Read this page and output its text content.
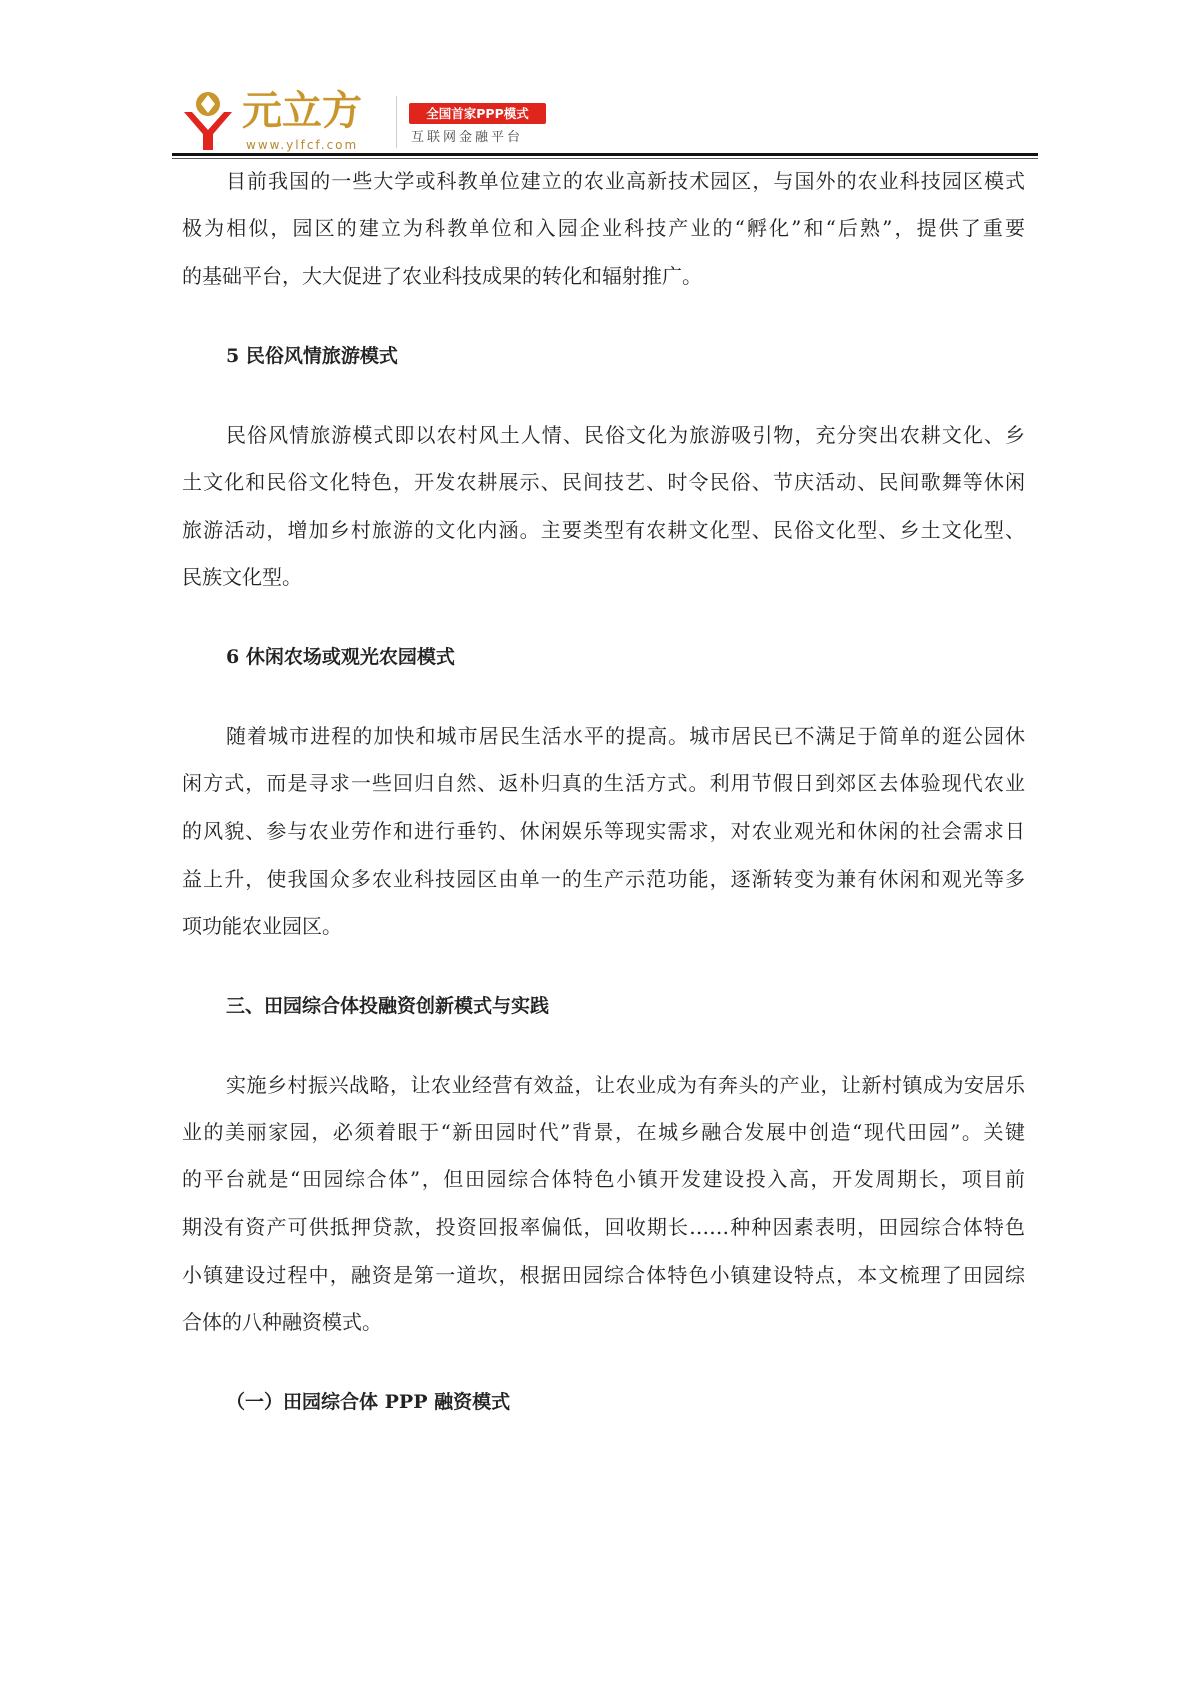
元立方
www.ylfcf.com
全国首家PPP模式
互联网金融平台
目前我国的一些大学或科教单位建立的农业高新技术园区，与国外的农业科技园区模式
极为相似，园区的建立为科教单位和入园企业科技产业的“孵化”和“后熟”，提供了重要
的基础平台，大大促进了农业科技成果的转化和辐射推广。
5 民俗风情旅游模式
民俗风情旅游模式即以农村风土人情、民俗文化为旅游吸引物，充分突出农耕文化、乡
土文化和民俗文化特色，开发农耕展示、民间技艺、时令民俗、节庆活动、民间歌舞等休闲
旅游活动，增加乡村旅游的文化内涵。主要类型有农耕文化型、民俗文化型、乡土文化型、
民族文化型。
6 休闲农场或观光农园模式
随着城市进程的加快和城市居民生活水平的提高。城市居民已不满足于简单的逛公园休
闲方式，而是寻求一些回归自然、返朴归真的生活方式。利用节假日到郊区去体验现代农业
的风貌、参与农业劳作和进行垂钓、休闲娱乐等现实需求，对农业观光和休闲的社会需求日
益上升，使我国众多农业科技园区由单一的生产示范功能，逐渐转变为兼有休闲和观光等多
项功能农业园区。
三、田园综合体投融资创新模式与实践
实施乡村振兴战略，让农业经营有效益，让农业成为有奔头的产业，让新村镇成为安居乐
业的美丽家园，必须着眼于“新田园时代”背景，在城乡融合发展中创造“现代田园”。关键
的平台就是“田园综合体”，但田园综合体特色小镇开发建设投入高，开发周期长，项目前
期没有资产可供抵押贷款，投资回报率偏低，回收期长……种种因素表明，田园综合体特色
小镇建设过程中，融资是第一道坎，根据田园综合体特色小镇建设特点，本文梳理了田园综
合体的八种融资模式。
（一）田园综合体 PPP 融资模式
